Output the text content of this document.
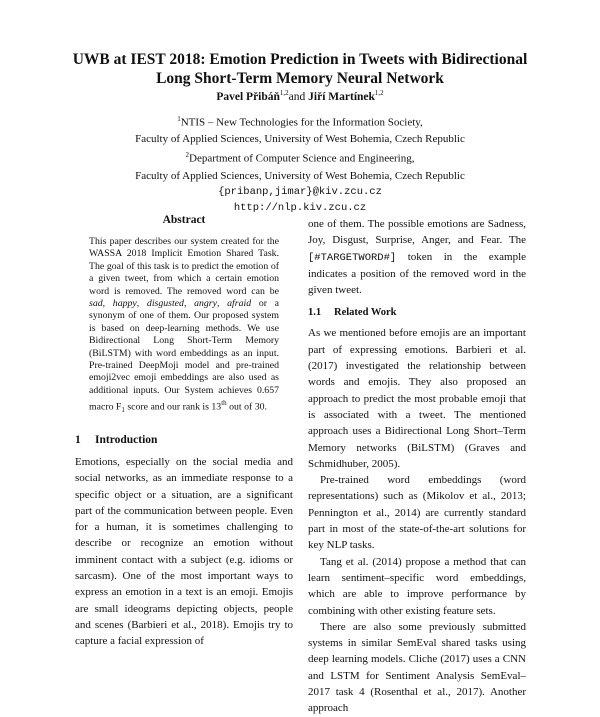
UWB at IEST 2018: Emotion Prediction in Tweets with Bidirectional
Long Short-Term Memory Neural Network
Pavel Přibáň$^{1,2}$and Jiří Martínek$^{1,2}$
$^1$NTIS – New Technologies for the Information Society,
Faculty of Applied Sciences, University of West Bohemia, Czech Republic
$^2$Department of Computer Science and Engineering,
Faculty of Applied Sciences, University of West Bohemia, Czech Republic
{pribanp,jimar}@kiv.zcu.cz
http://nlp.kiv.zcu.cz
Abstract

This paper describes our system created for the WASSA 2018 Implicit Emotion Shared Task. The goal of this task is to predict the emotion of a given tweet, from which a certain emotion word is removed. The removed word can be sad, happy, disgusted, angry, afraid or a synonym of one of them. Our proposed system is based on deep-learning methods. We use Bidirectional Long Short-Term Memory (BiLSTM) with word embeddings as an input. Pre-trained DeepMoji model and pre-trained emoji2vec emoji embeddings are also used as additional inputs. Our System achieves 0.657 macro $F_1$ score and our rank is 13th out of 30.

1 Introduction

Emotions, especially on the social media and social networks, as an immediate response to a specific object or a situation, are a significant part of the communication between people. Even for a human, it is sometimes challenging to describe or recognize an emotion without imminent contact with a subject (e.g. idioms or sarcasm). One of the most important ways to express an emotion in a text is an emoji. Emojis are small ideograms depicting objects, people and scenes (Barbieri et al., 2018). Emojis try to capture a facial expression of

one of them. The possible emotions are Sadness, Joy, Disgust, Surprise, Anger, and Fear. The [#TARGETWORD#] token in the example indicates a position of the removed word in the given tweet.

1.1 Related Work

As we mentioned before emojis are an important part of expressing emotions. Barbieri et al. (2017) investigated the relationship between words and emojis. They also proposed an approach to predict the most probable emoji that is associated with a tweet. The mentioned approach uses a Bidirectional Long Short–Term Memory networks (BiLSTM) (Graves and Schmidhuber, 2005).

Pre-trained word embeddings (word representations) such as (Mikolov et al., 2013; Pennington et al., 2014) are currently standard part in most of the state-of-the-art solutions for key NLP tasks.

Tang et al. (2014) propose a method that can learn sentiment–specific word embeddings, which are able to improve performance by combining with other existing feature sets.

There are also some previously submitted systems in similar SemEval shared tasks using deep learning models. Cliche (2017) uses a CNN and LSTM for Sentiment Analysis SemEval–2017 task 4 (Rosenthal et al., 2017). Another approach
